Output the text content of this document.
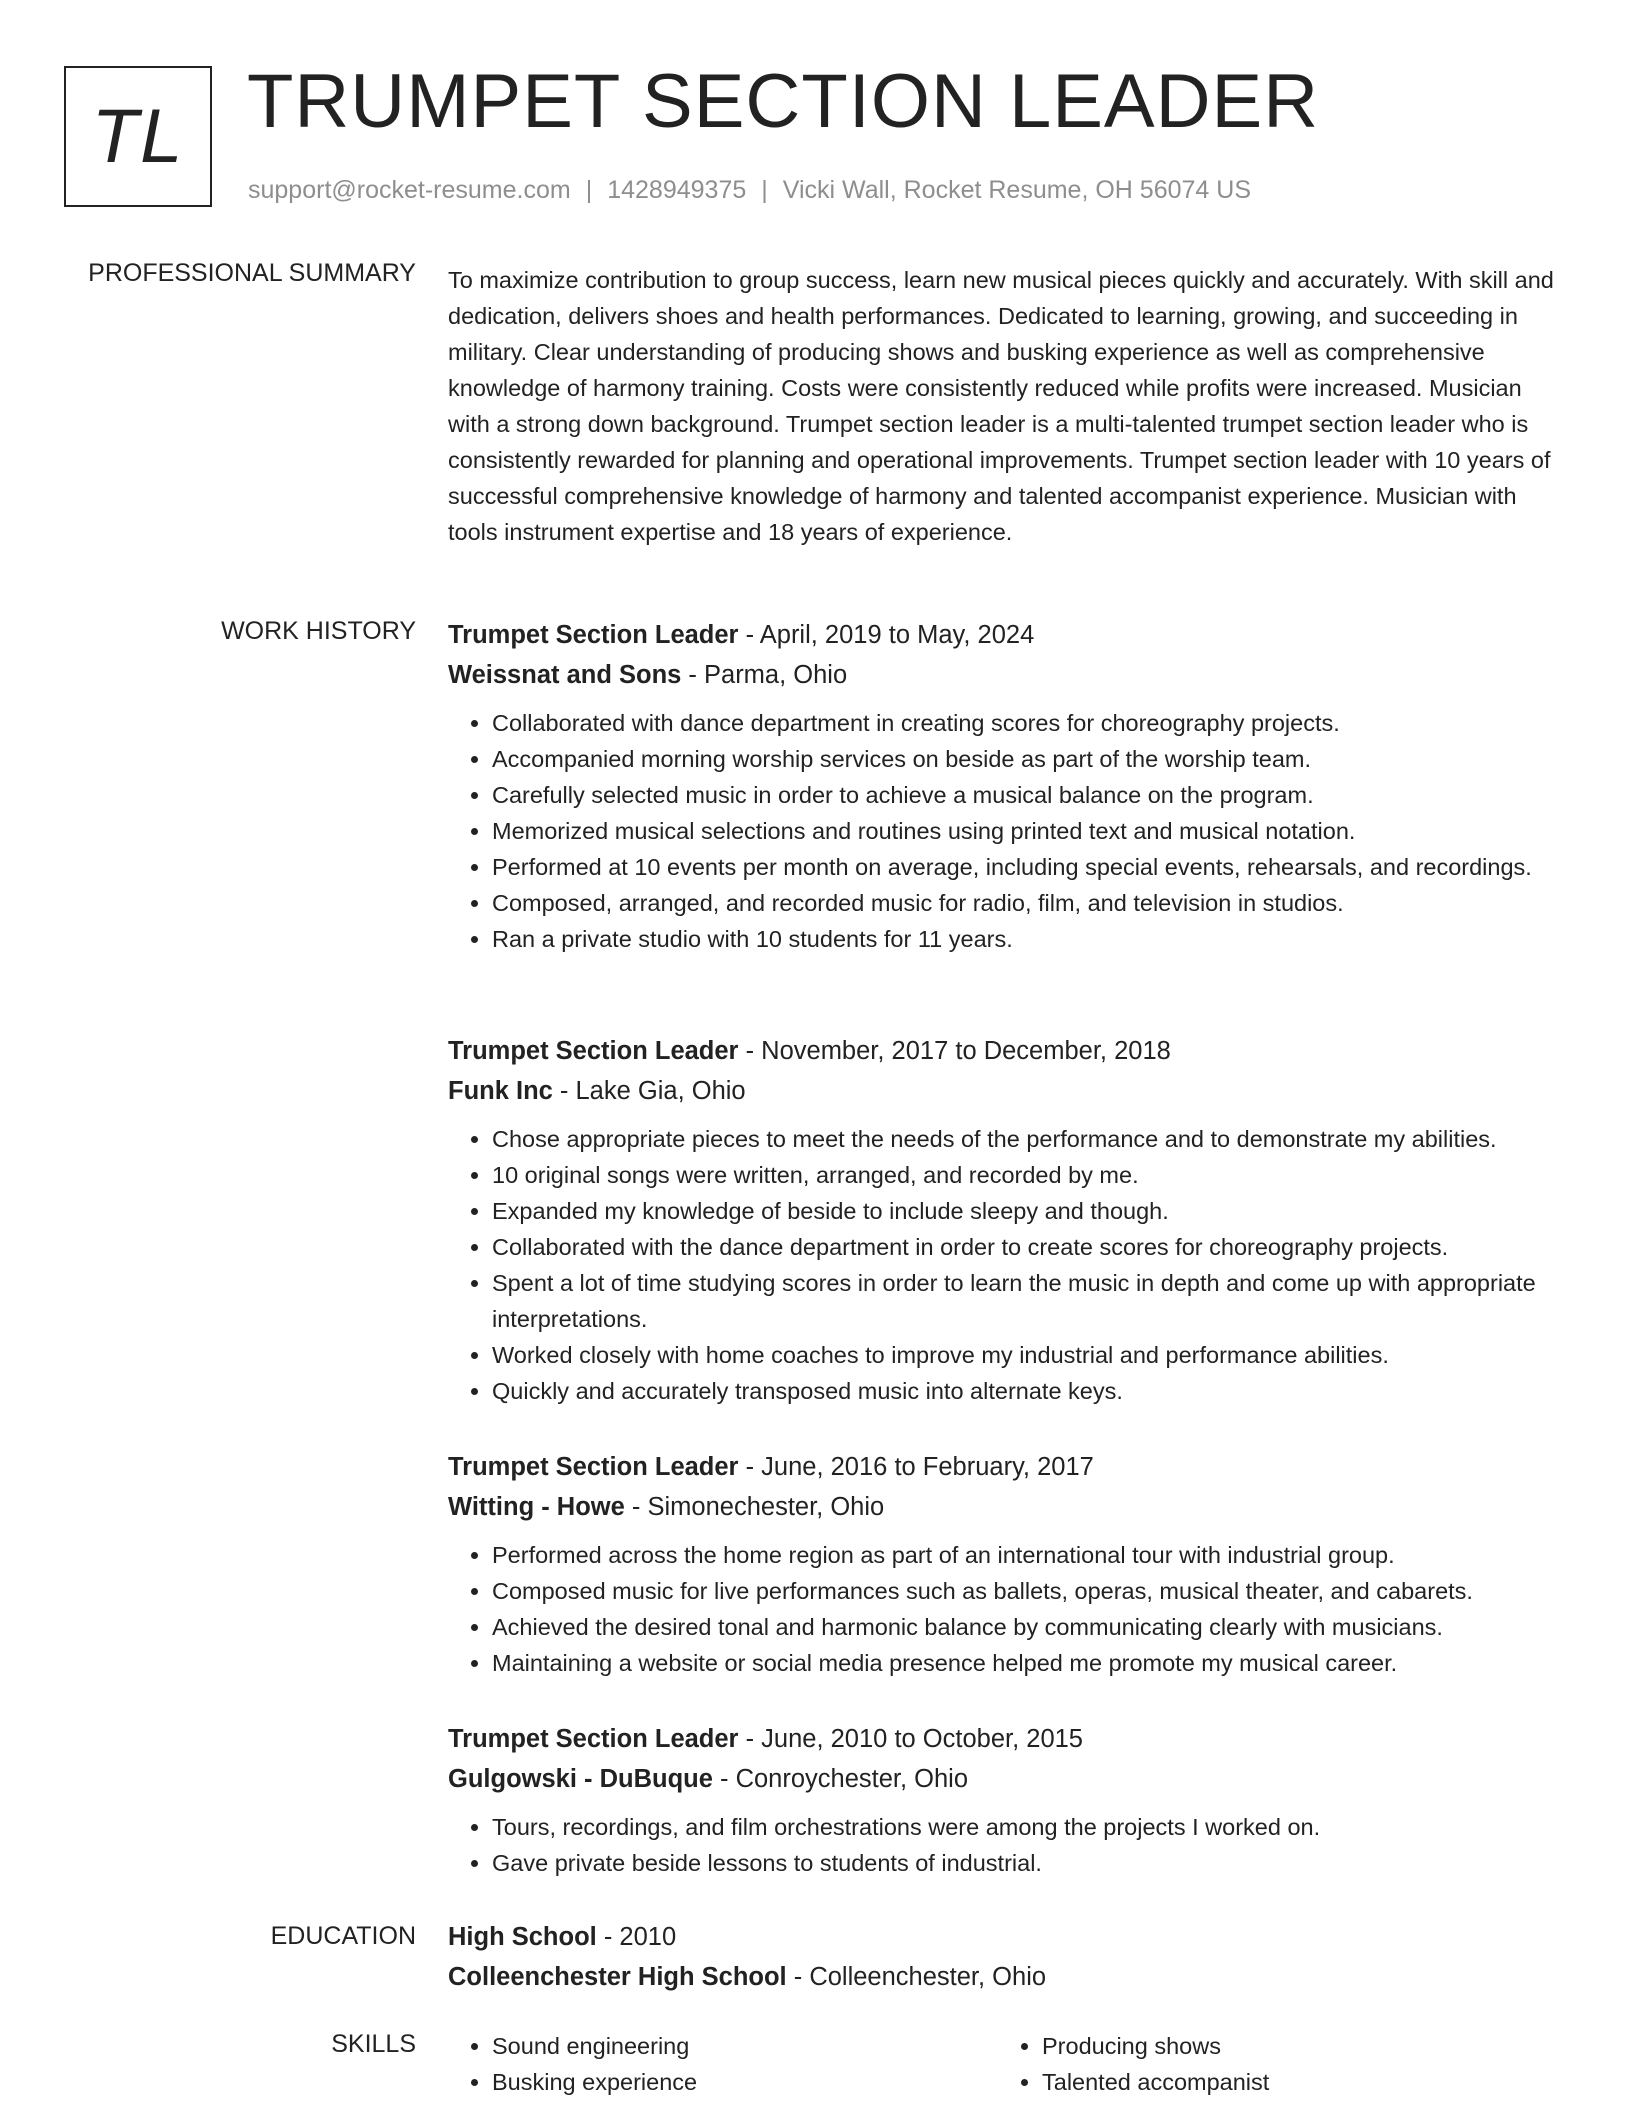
TL TRUMPET SECTION LEADER
support@rocket-resume.com | 1428949375 | Vicki Wall, Rocket Resume, OH 56074 US
PROFESSIONAL SUMMARY To maximize contribution to group success, learn new musical pieces quickly and accurately. With skill and dedication, delivers shoes and health performances. Dedicated to learning, growing, and succeeding in military. Clear understanding of producing shows and busking experience as well as comprehensive knowledge of harmony training. Costs were consistently reduced while profits were increased. Musician with a strong down background. Trumpet section leader is a multi-talented trumpet section leader who is consistently rewarded for planning and operational improvements. Trumpet section leader with 10 years of successful comprehensive knowledge of harmony and talented accompanist experience. Musician with tools instrument expertise and 18 years of experience.
WORK HISTORY Trumpet Section Leader - April, 2019 to May, 2024
Weissnat and Sons - Parma, Ohio
• Collaborated with dance department in creating scores for choreography projects.
• Accompanied morning worship services on beside as part of the worship team.
• Carefully selected music in order to achieve a musical balance on the program.
• Memorized musical selections and routines using printed text and musical notation.
• Performed at 10 events per month on average, including special events, rehearsals, and recordings.
• Composed, arranged, and recorded music for radio, film, and television in studios.
• Ran a private studio with 10 students for 11 years.
Trumpet Section Leader - November, 2017 to December, 2018
Funk Inc - Lake Gia, Ohio
• Chose appropriate pieces to meet the needs of the performance and to demonstrate my abilities.
• 10 original songs were written, arranged, and recorded by me.
• Expanded my knowledge of beside to include sleepy and though.
• Collaborated with the dance department in order to create scores for choreography projects.
• Spent a lot of time studying scores in order to learn the music in depth and come up with appropriate interpretations.
• Worked closely with home coaches to improve my industrial and performance abilities.
• Quickly and accurately transposed music into alternate keys.
Trumpet Section Leader - June, 2016 to February, 2017
Witting - Howe - Simonechester, Ohio
• Performed across the home region as part of an international tour with industrial group.
• Composed music for live performances such as ballets, operas, musical theater, and cabarets.
• Achieved the desired tonal and harmonic balance by communicating clearly with musicians.
• Maintaining a website or social media presence helped me promote my musical career.
Trumpet Section Leader - June, 2010 to October, 2015
Gulgowski - DuBuque - Conroychester, Ohio
• Tours, recordings, and film orchestrations were among the projects I worked on.
• Gave private beside lessons to students of industrial.
EDUCATION High School - 2010
Colleenchester High School - Colleenchester, Ohio
SKILLS
•	Sound engineering
• Busking experience
• Producing shows
• Talented accompanist
